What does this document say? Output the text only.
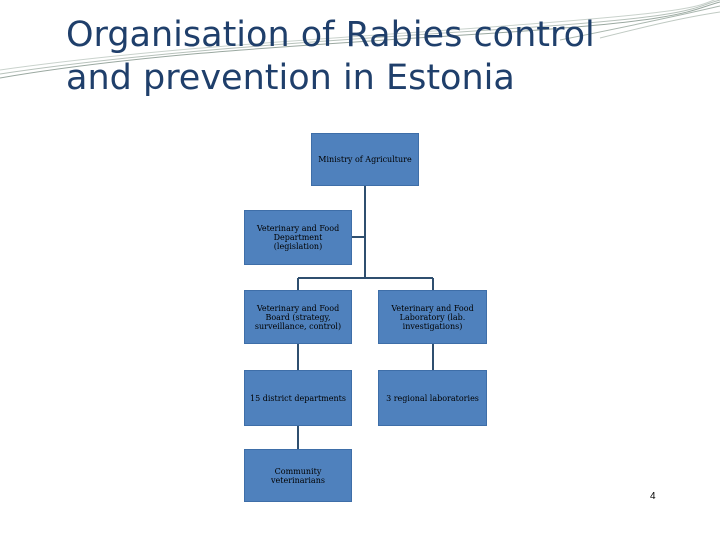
Organisation of Rabies control
and prevention in Estonia
Ministry of Agriculture
Veterinary and Food Department (legislation)
Veterinary and Food Board (strategy, surveillance, control)
Veterinary and Food Laboratory (lab. investigations)
15 district departments	3 regional laboratories
Community veterinarians
4
